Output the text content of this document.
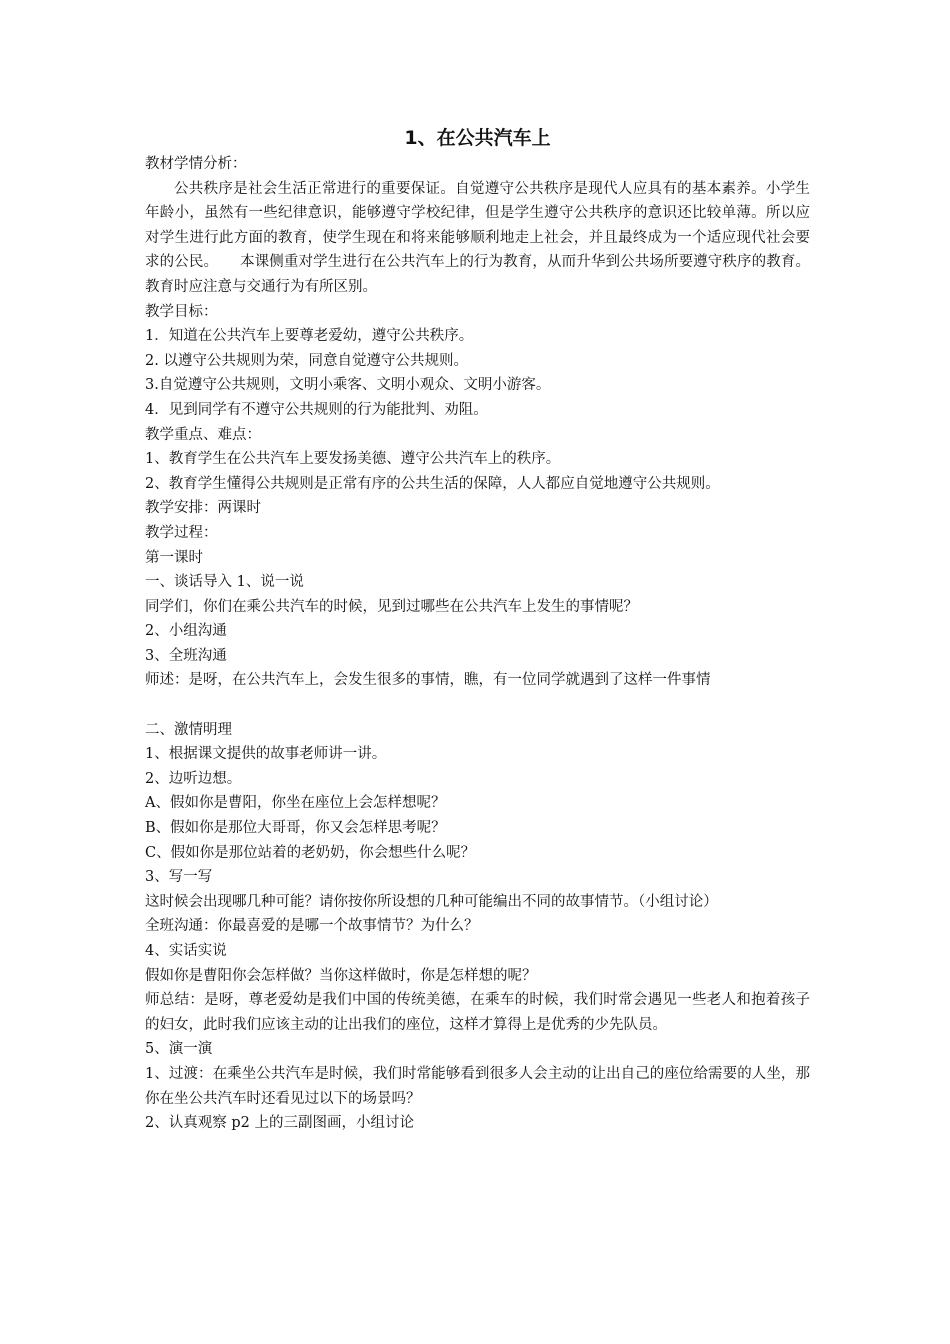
1、在公共汽车上

教材学情分析：

公共秩序是社会生活正常进行的重要保证。自觉遵守公共秩序是现代人应具有的基本素养。小学生年龄小，虽然有一些纪律意识，能够遵守学校纪律，但是学生遵守公共秩序的意识还比较单薄。所以应对学生进行此方面的教育，使学生现在和将来能够顺利地走上社会，并且最终成为一个适应现代社会要求的公民。　　本课侧重对学生进行在公共汽车上的行为教育，从而升华到公共场所要遵守秩序的教育。教育时应注意与交通行为有所区别。

教学目标：

1．知道在公共汽车上要尊老爱幼，遵守公共秩序。

2. 以遵守公共规则为荣，同意自觉遵守公共规则。

3.自觉遵守公共规则，文明小乘客、文明小观众、文明小游客。

4．见到同学有不遵守公共规则的行为能批判、劝阻。

教学重点、难点：

1、教育学生在公共汽车上要发扬美德、遵守公共汽车上的秩序。

2、教育学生懂得公共规则是正常有序的公共生活的保障，人人都应自觉地遵守公共规则。

教学安排：两课时

教学过程：

第一课时

一、谈话导入 1、说一说

同学们，你们在乘公共汽车的时候，见到过哪些在公共汽车上发生的事情呢？

2、小组沟通

3、全班沟通

师述：是呀，在公共汽车上，会发生很多的事情，瞧，有一位同学就遇到了这样一件事情

二、激情明理

1、根据课文提供的故事老师讲一讲。

2、边听边想。

A、假如你是曹阳，你坐在座位上会怎样想呢？

B、假如你是那位大哥哥，你又会怎样思考呢？

C、假如你是那位站着的老奶奶，你会想些什么呢？

3、写一写

这时候会出现哪几种可能？请你按你所设想的几种可能编出不同的故事情节。（小组讨论）

全班沟通：你最喜爱的是哪一个故事情节？为什么？

4、实话实说

假如你是曹阳你会怎样做？当你这样做时，你是怎样想的呢？

师总结：是呀，尊老爱幼是我们中国的传统美德，在乘车的时候，我们时常会遇见一些老人和抱着孩子的妇女，此时我们应该主动的让出我们的座位，这样才算得上是优秀的少先队员。

5、演一演

1、过渡：在乘坐公共汽车是时候，我们时常能够看到很多人会主动的让出自己的座位给需要的人坐，那你在坐公共汽车时还看见过以下的场景吗？

2、认真观察 p2 上的三副图画，小组讨论
